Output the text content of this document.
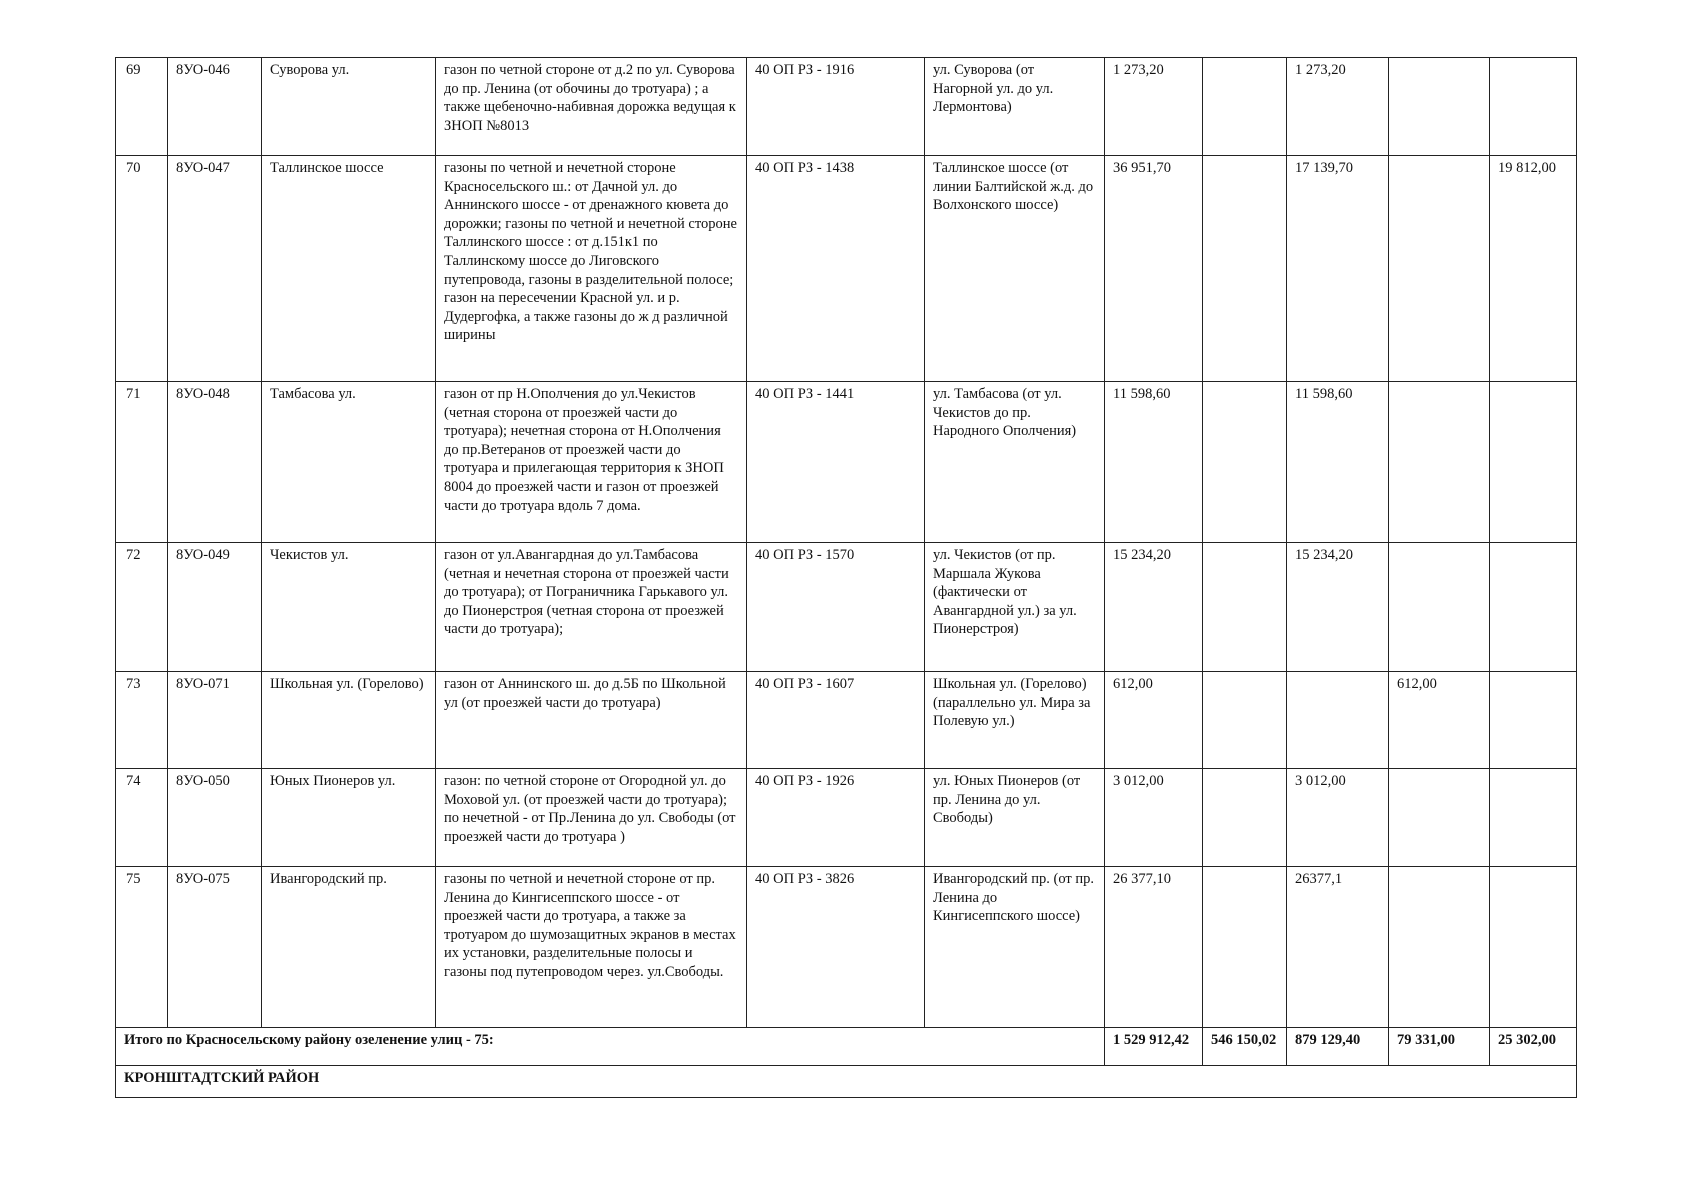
69	8УО-046	Суворова ул.	газон по четной стороне от д.2 по ул. Суворова до пр. Ленина (от обочины до тротуара) ; а также щебеночно-набивная дорожка ведущая к ЗНОП №8013	40 ОП РЗ - 1916	ул. Суворова (от Нагорной ул. до ул. Лермонтова)	1 273,20		1 273,20		
70	8УО-047	Таллинское шоссе	газоны по четной и нечетной стороне Красносельского ш.: от Дачной ул. до Аннинского шоссе - от дренажного кювета до дорожки; газоны по четной и нечетной стороне Таллинского шоссе : от д.151к1 по Таллинскому шоссе до Лиговского путепровода, газоны в разделительной полосе; газон на пересечении Красной ул. и р. Дудергофка, а также газоны до ж д различной ширины	40 ОП РЗ - 1438	Таллинское шоссе (от линии Балтийской ж.д. до Волхонского шоссе)	36 951,70		17 139,70		19 812,00
71	8УО-048	Тамбасова ул.	газон от пр Н.Ополчения до ул.Чекистов (четная сторона от проезжей части до тротуара); нечетная сторона от Н.Ополчения до пр.Ветеранов от проезжей части до тротуара и прилегающая территория к ЗНОП 8004 до проезжей части и газон от проезжей части до тротуара вдоль 7 дома.	40 ОП РЗ - 1441	ул. Тамбасова (от ул. Чекистов до пр. Народного Ополчения)	11 598,60		11 598,60		
72	8УО-049	Чекистов ул.	газон от ул.Авангардная до ул.Тамбасова (четная и нечетная сторона от проезжей части до тротуара); от Пограничника Гарькавого ул. до Пионерстроя (четная сторона от проезжей части до тротуара);	40 ОП РЗ - 1570	ул. Чекистов (от пр. Маршала Жукова (фактически от Авангардной ул.) за ул. Пионерстроя)	15 234,20		15 234,20		
73	8УО-071	Школьная ул. (Горелово)	газон от Аннинского ш. до д.5Б по Школьной ул (от проезжей части до тротуара)	40 ОП РЗ - 1607	Школьная ул. (Горелово) (параллельно ул. Мира за Полевую ул.)	612,00			612,00	
74	8УО-050	Юных Пионеров ул.	газон: по четной стороне от Огородной ул. до Моховой ул. (от проезжей части до тротуара); по нечетной - от Пр.Ленина до ул. Свободы (от проезжей части до тротуара )	40 ОП РЗ - 1926	ул. Юных Пионеров (от пр. Ленина до ул. Свободы)	3 012,00		3 012,00		
75	8УО-075	Ивангородский пр.	газоны по четной и нечетной стороне от пр. Ленина до Кингисеппского шоссе - от проезжей части до тротуара, а также за тротуаром до шумозащитных экранов в местах их установки, разделительные полосы и газоны под путепроводом через. ул.Свободы.	40 ОП РЗ - 3826	Ивангородский пр. (от пр. Ленина до Кингисеппского шоссе)	26 377,10		26377,1		
Итого по Красносельскому району озеленение улиц - 75:						1 529 912,42	546 150,02	879 129,40	79 331,00	25 302,00
КРОНШТАДТСКИЙ РАЙОН										
